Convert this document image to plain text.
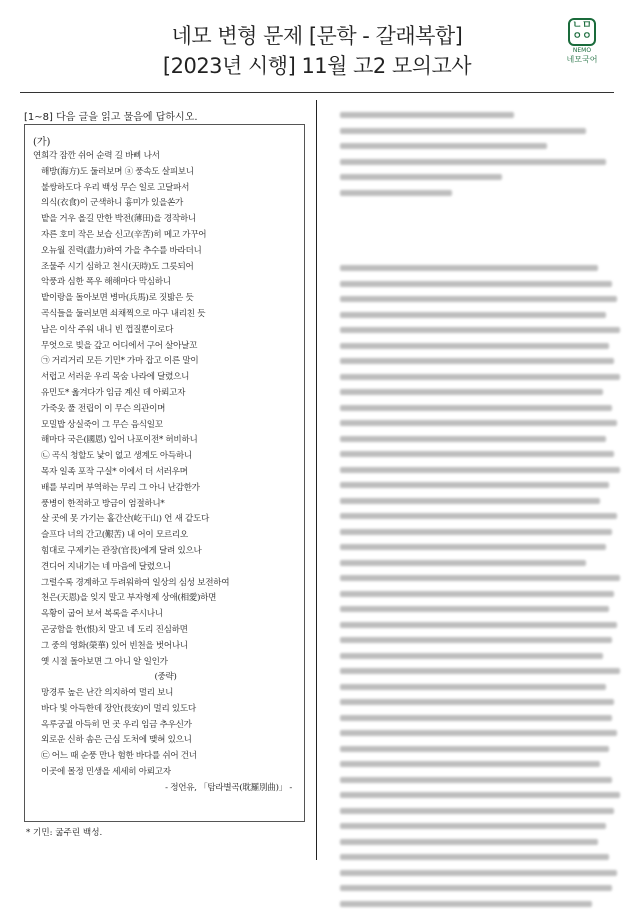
네모 변형 문제 [문학 - 갈래복합]
[2023년 시행] 11월 고2 모의고사
ㄴㅁ
ㅇㅇ
NEMO
네모국어
[1~8] 다음 글을 읽고 물음에 답하시오.
(가)
연희각 잠깐 쉬어 순력 길 바삐 나서
해방(海方)도 둘러보며 ⓐ 풍속도 살피보니
불쌍하도다 우리 백성 무슨 일로 고달파서
의식(衣食)이 군색하니 흉미가 있을쏜가
밭을 거우 올길 만한 박전(薄田)을 경작하니
자른 호미 작은 보습 신고(辛苦)히 메고 가꾸어
오뉴월 진력(盡力)하여 가을 추수를 바라더니
조물주 시기 심하고 천시(天時)도 그릇되어
악풍과 심한 폭우 해해마다 막심하니
밭이랑을 돌아보면 병마(兵馬)로 짓밟은 듯
곡식들을 둘러보면 쇠채찍으로 마구 내리친 듯
남은 이삭 주워 내니 빈 껍질뿐이로다
무엇으로 빚을 갚고 어디에서 구어 살아날꼬
㉠ 거리거리 모든 기민* 가마 잡고 이른 말이
서럽고 서러운 우리 목숨 나라에 달렸으니
유민도* 옮겨다가 임금 계신 데 아뢰고자
가죽옷 풀 전립이 이 무슨 의관이며
모밀밥 상실죽이 그 무슨 음식일꼬
해마다 국은(國恩) 입어 나포이전* 허비하니
㉡ 곡식 청할도 낯이 없고 생계도 아득하니
목자 일족 포작 구실* 이에서 더 서러우며
배를 부리며 부역하는 무리 그 아니 난감한가
풍병이 한적하고 방금이 엄절하니*
살 곳에 못 가기는 홀간산(屹干山) 언 새 같도다
슬프다 너의 간고(艱苦) 내 어이 모르리오
힘대로 구제키는 관장(官長)에게 달려 있으나
견디어 지내기는 네 마음에 달렸으니
그럴수록 경계하고 두려워하여 일상의 심성 보전하여
천은(天恩)을 잊지 말고 부자형제 상애(相愛)하면
옥황이 굽어 보셔 복록을 주시나니
곤궁함을 한(恨)치 말고 네 도리 진심하면
그 중의 영화(榮華) 있어 빈천을 벗어나니
옛 시절 돌아보면 그 아니 알 일인가
(중략)
망경루 높은 난간 의지하여 멀리 보니
바다 빛 아득한데 장안(長安)이 멀리 있도다
옥루궁궐 아득히 먼 곳 우리 임금 추우신가
외로운 신하 솜은 근심 도처에 맺혀 있으니
㉢ 어느 때 순풍 만나 험한 바다를 쉬어 건너
이곳에 몰정 민생을 세세히 아뢰고자
- 정언유, 「탐라별곡(耽羅別曲)」 -
* 기민: 굶주린 백성.
